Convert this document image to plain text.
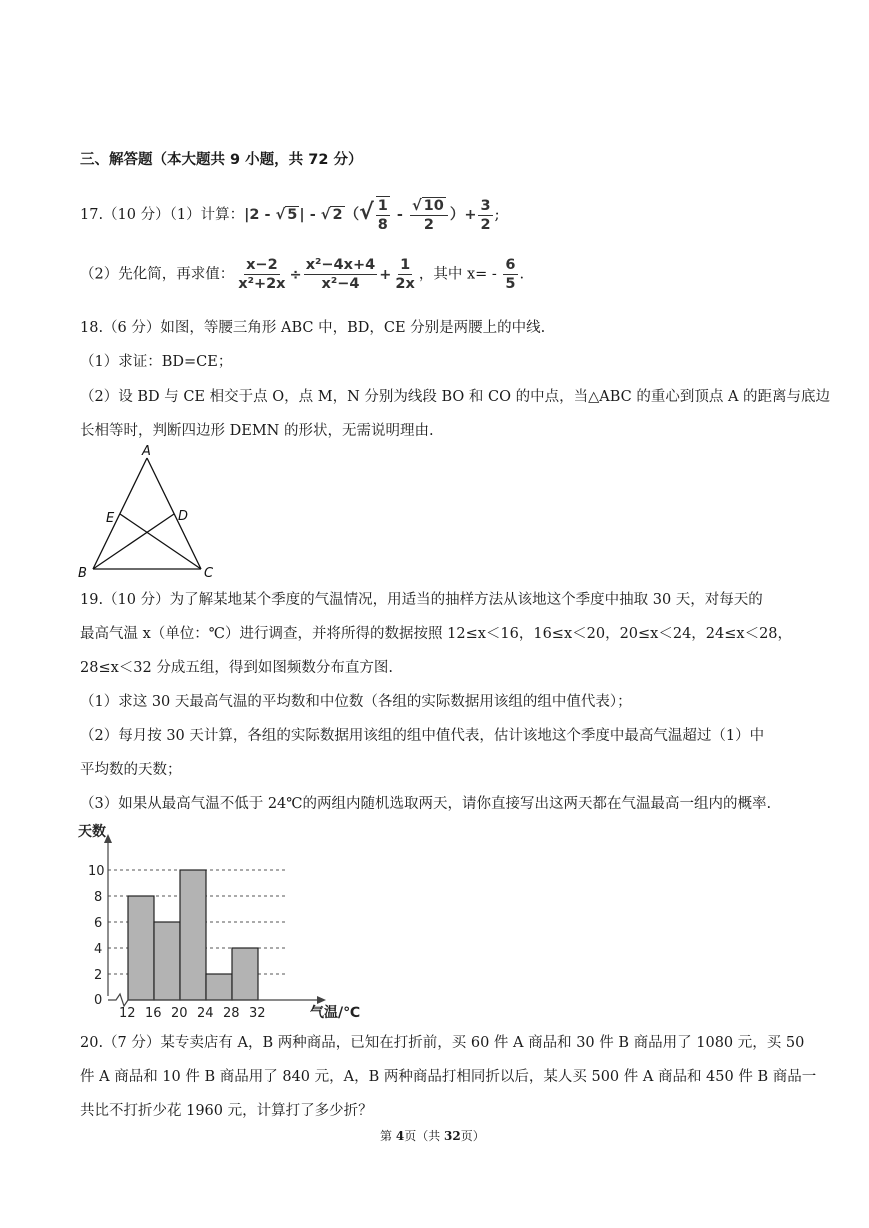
三、解答题（本大题共 9 小题，共 72 分）
17.（10 分）（1）计算：|2 - √ 5 | - √ 2 （√ $\frac{1}{8} - \frac{√ 10}{2}$ ）+ $\frac{3}{2}$ ;
（2）先化简，再求值： $\frac{x-2}{\text{x²+2x}} \div \frac{\text{x²−4x+4}}{\text{x²−4}} + \frac{1}{2x}$ ，其中 $x= - \frac{6}{5}$ .
18.（6 分）如图，等腰三角形 ABC 中，BD，CE 分别是两腰上的中线.
（1）求证：BD=CE；
（2）设 BD 与 CE 相交于点 O，点 M，N 分别为线段 BO 和 CO 的中点，当△ABC 的重心到顶点 A 的距离与底边
长相等时，判断四边形 DEMN 的形状，无需说明理由.
A
B	C
D
E
19.（10 分）为了解某地某个季度的气温情况，用适当的抽样方法从该地这个季度中抽取 30 天，对每天的
最高气温 x（单位：℃）进行调查，并将所得的数据按照 12≤x＜16，16≤x＜20，20≤x＜24，24≤x＜28，
28≤x＜32 分成五组，得到如图频数分布直方图.
（1）求这 30 天最高气温的平均数和中位数（各组的实际数据用该组的组中值代表）；
（2）每月按 30 天计算，各组的实际数据用该组的组中值代表，估计该地这个季度中最高气温超过（1）中
平均数的天数；
（3）如果从最高气温不低于 24℃的两组内随机选取两天，请你直接写出这两天都在气温最高一组内的概率.
天数
气温/℃
0
2
4
6
8
10
12 16 20 24 28 32
20.（7 分）某专卖店有 A，B 两种商品，已知在打折前，买 60 件 A 商品和 30 件 B 商品用了 1080 元，买 50
件 A 商品和 10 件 B 商品用了 840 元，A，B 两种商品打相同折以后，某人买 500 件 A 商品和 450 件 B 商品一
共比不打折少花 1960 元，计算打了多少折？
第 4页（共 32页）
